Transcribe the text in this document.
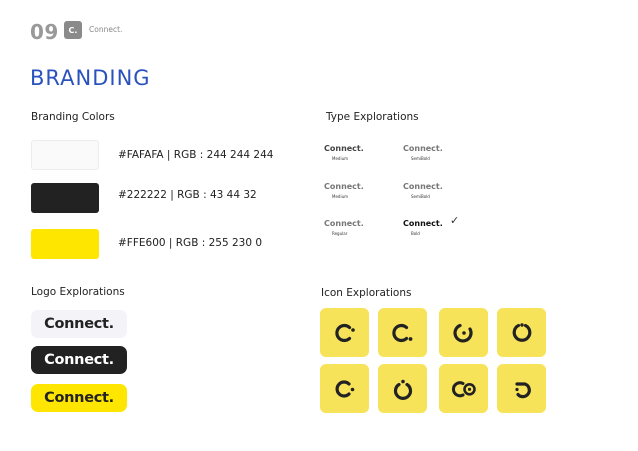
09	C.	Connect.
BRANDING
Branding Colors
#FAFAFA | RGB : 244 244 244
#222222 | RGB : 43 44 32
#FFE600 | RGB : 255 230 0
Type Explorations
Connect.
Medium
Connect.
SemiBold
Connect.
Medium
Connect.
SemiBold
Connect.
Regular
Connect.
Bold
✓
Logo Explorations
Connect.
Connect.
Connect.
Icon Explorations
